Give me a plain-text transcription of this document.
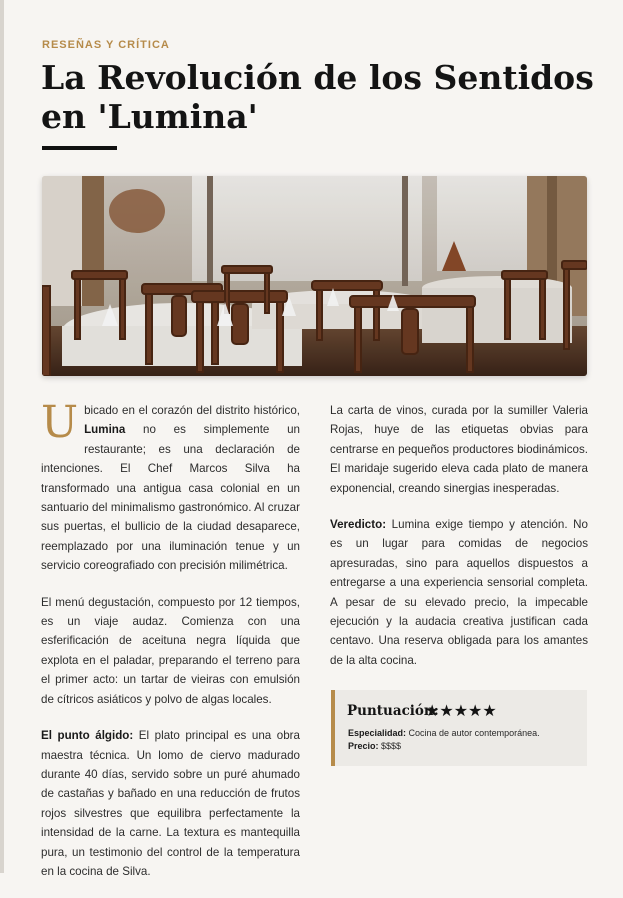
RESEÑAS Y CRÍTICA
La Revolución de los Sentidos en 'Lumina'

Ubicado en el corazón del distrito histórico, Lumina no es simplemente un restaurante; es una declaración de intenciones. El Chef Marcos Silva ha transformado una antigua casa colonial en un santuario del minimalismo gastronómico. Al cruzar sus puertas, el bullicio de la ciudad desaparece, reemplazado por una iluminación tenue y un servicio coreografiado con precisión milimétrica.

El menú degustación, compuesto por 12 tiempos, es un viaje audaz. Comienza con una esferificación de aceituna negra líquida que explota en el paladar, preparando el terreno para el primer acto: un tartar de vieiras con emulsión de cítricos asiáticos y polvo de algas locales.

El punto álgido: El plato principal es una obra maestra técnica. Un lomo de ciervo madurado durante 40 días, servido sobre un puré ahumado de castañas y bañado en una reducción de frutos rojos silvestres que equilibra perfectamente la intensidad de la carne. La textura es mantequilla pura, un testimonio del control de la temperatura en la cocina de Silva.

La carta de vinos, curada por la sumiller Valeria Rojas, huye de las etiquetas obvias para centrarse en pequeños productores biodinámicos. El maridaje sugerido eleva cada plato de manera exponencial, creando sinergias inesperadas.

Veredicto: Lumina exige tiempo y atención. No es un lugar para comidas de negocios apresuradas, sino para aquellos dispuestos a entregarse a una experiencia sensorial completa. A pesar de su elevado precio, la impecable ejecución y la audacia creativa justifican cada centavo. Una reserva obligada para los amantes de la alta cocina.

Puntuación:
★★★★★
Especialidad: Cocina de autor contemporánea.
Precio: $$$$
